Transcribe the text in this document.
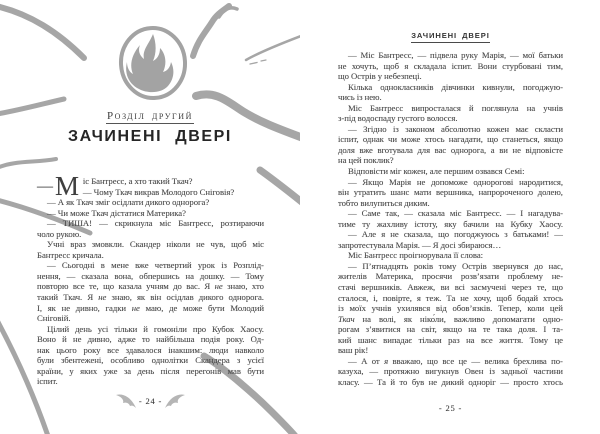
Розділ другий
ЗАЧИНЕНІ ДВЕРІ
— М іс Бантресс, а хто такий Ткач?
— Чому Ткач викрав Молодого Сніговія?
— А як Ткач зміг осідлати дикого однорога?
— Чи може Ткач дістатися Материка?
— ТИША! — скрикнула міс Бантресс, розтираючи
чоло рукою.
Учні враз змовкли. Скандер ніколи не чув, щоб міс
Бантресс кричала.
— Сьогодні в мене вже четвертий урок із Розплід-
нення, — сказала вона, обпершись на дошку. — Тому
повторю все те, що казала учням до вас. Я не знаю, хто
такий Ткач. Я не знаю, як він осідлав дикого однорога.
І, як не дивно, гадки не маю, де може бути Молодий
Сніговій.
Цілий день усі тільки й гомоніли про Кубок Хаосу.
Воно й не дивно, адже то найбільша подія року. Од-
нак цього року все здавалося інакшим: люди навколо
були збентежені, особливо однолітки Скандера з усієї
країни, у яких уже за день після перегонів мав бути
іспит.
- 24 -
ЗАЧИНЕНІ ДВЕРІ
— Міс Бантресс, — підвела руку Марія, — мої батьки
не хочуть, щоб я складала іспит. Вони стурбовані тим,
що Острів у небезпеці.
Кілька однокласників дівчинки кивнули, погоджую-
чись із нею.
Міс Бантресс випросталася й поглянула на учнів
з-під водоспаду густого волосся.
— Згідно із законом абсолютно кожен має скласти
іспит, однак чи може хтось нагадати, що станеться, якщо
доля вже вготувала для вас однорога, а ви не відповісте
на цей поклик?
Відповісти міг кожен, але першим озвався Семі:
— Якщо Марія не допоможе однорогові народитися,
він утратить шанс мати вершника, напророченого долею,
тобто вилупиться диким.
— Саме так, — сказала міс Бантресс. — І нагадува-
тиме ту жахливу істоту, яку бачили на Кубку Хаосу.
— Але я не сказала, що погоджуюсь з батьками! —
запротестувала Марія. — Я досі збираюся…
Міс Бантресс проігнорувала її слова:
— П’ятнадцять років тому Острів звернувся до нас,
жителів Материка, просячи розв’язати проблему не-
стачі вершників. Авжеж, ви всі засмучені через те, що
сталося, і, повірте, я теж. Та не хочу, щоб бодай хтось
із моїх учнів ухилявся від обов’язків. Тепер, коли цей
Ткач на волі, як ніко́ли, важливо допомагати одно-
рогам з’явитися на світ, якщо на те така доля. І та-
кий шанс випадає тільки раз на все життя. Тому це
ваш рік!
— А от я вважаю, що все це — велика брехлива по-
казуха, — протяжно вигукнув Овен із задньої частини
класу. — Та й то був не дикий одноріг — просто хтось
- 25 -
